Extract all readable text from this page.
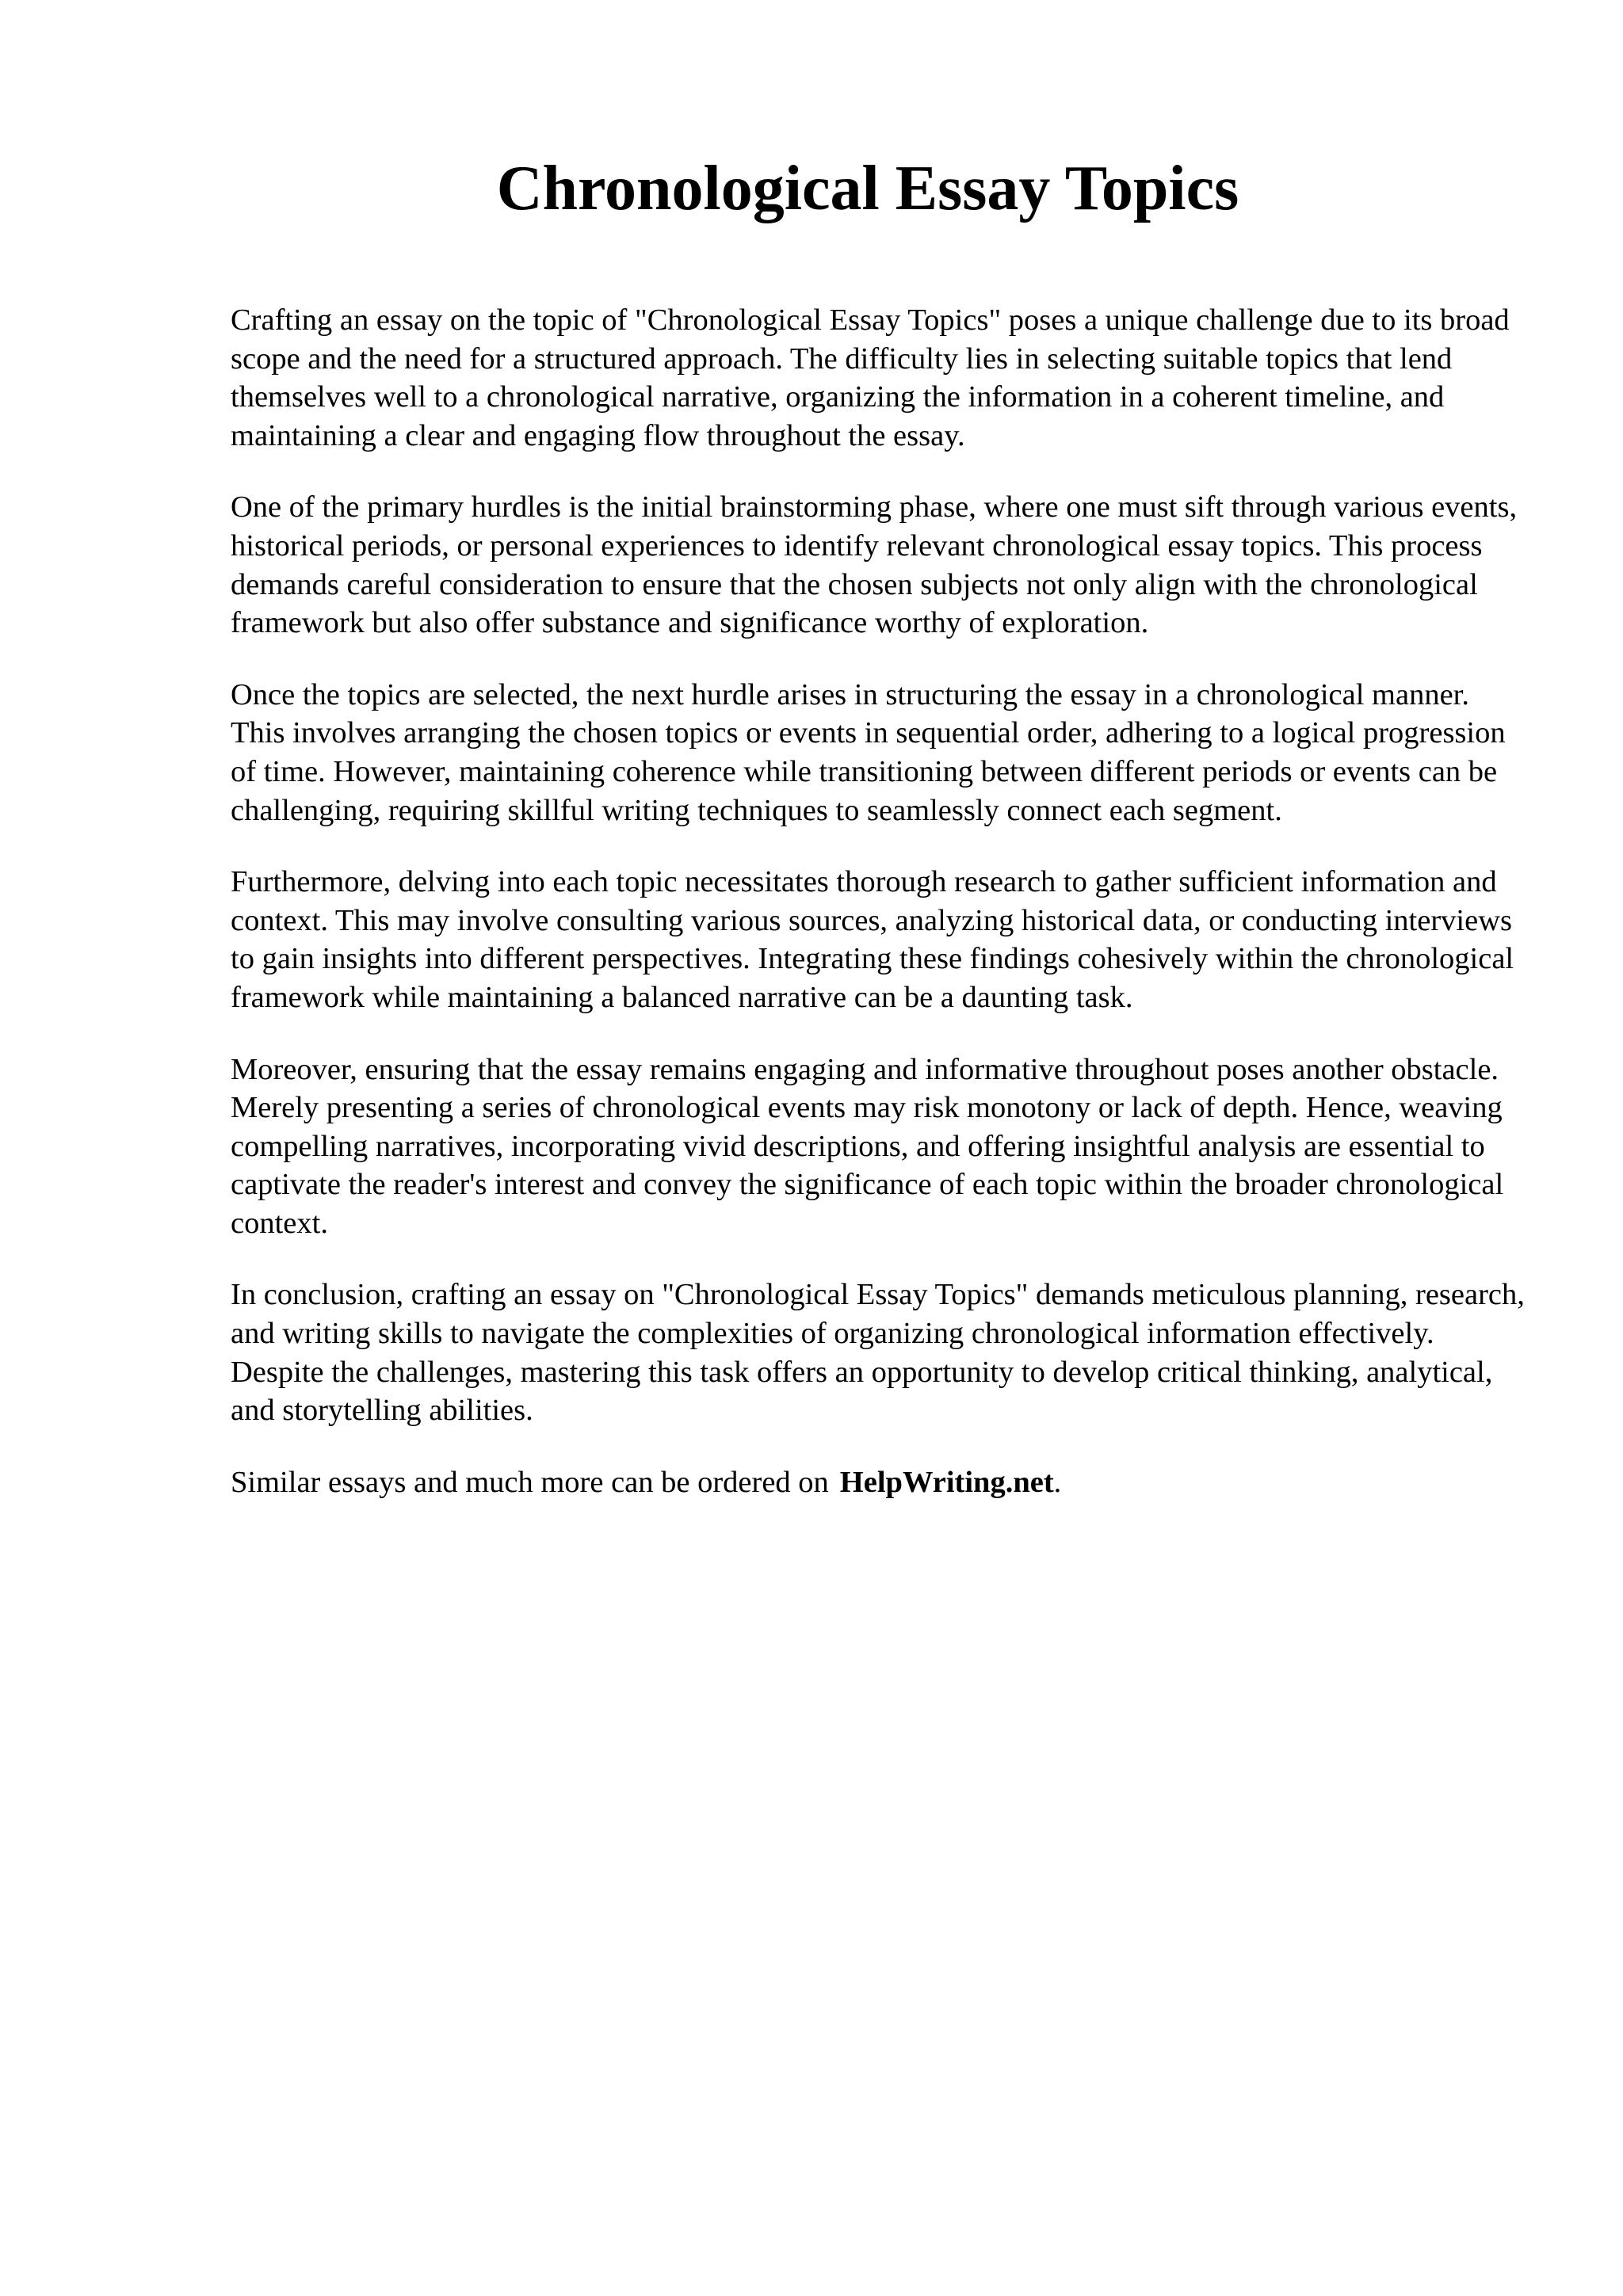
Chronological Essay Topics

Crafting an essay on the topic of "Chronological Essay Topics" poses a unique challenge due to its broad scope and the need for a structured approach. The difficulty lies in selecting suitable topics that lend themselves well to a chronological narrative, organizing the information in a coherent timeline, and maintaining a clear and engaging flow throughout the essay.

One of the primary hurdles is the initial brainstorming phase, where one must sift through various events, historical periods, or personal experiences to identify relevant chronological essay topics. This process demands careful consideration to ensure that the chosen subjects not only align with the chronological framework but also offer substance and significance worthy of exploration.

Once the topics are selected, the next hurdle arises in structuring the essay in a chronological manner. This involves arranging the chosen topics or events in sequential order, adhering to a logical progression of time. However, maintaining coherence while transitioning between different periods or events can be challenging, requiring skillful writing techniques to seamlessly connect each segment.

Furthermore, delving into each topic necessitates thorough research to gather sufficient information and context. This may involve consulting various sources, analyzing historical data, or conducting interviews to gain insights into different perspectives. Integrating these findings cohesively within the chronological framework while maintaining a balanced narrative can be a daunting task.

Moreover, ensuring that the essay remains engaging and informative throughout poses another obstacle. Merely presenting a series of chronological events may risk monotony or lack of depth. Hence, weaving compelling narratives, incorporating vivid descriptions, and offering insightful analysis are essential to captivate the reader's interest and convey the significance of each topic within the broader chronological context.

In conclusion, crafting an essay on "Chronological Essay Topics" demands meticulous planning, research, and writing skills to navigate the complexities of organizing chronological information effectively. Despite the challenges, mastering this task offers an opportunity to develop critical thinking, analytical, and storytelling abilities.

Similar essays and much more can be ordered on HelpWriting.net.
